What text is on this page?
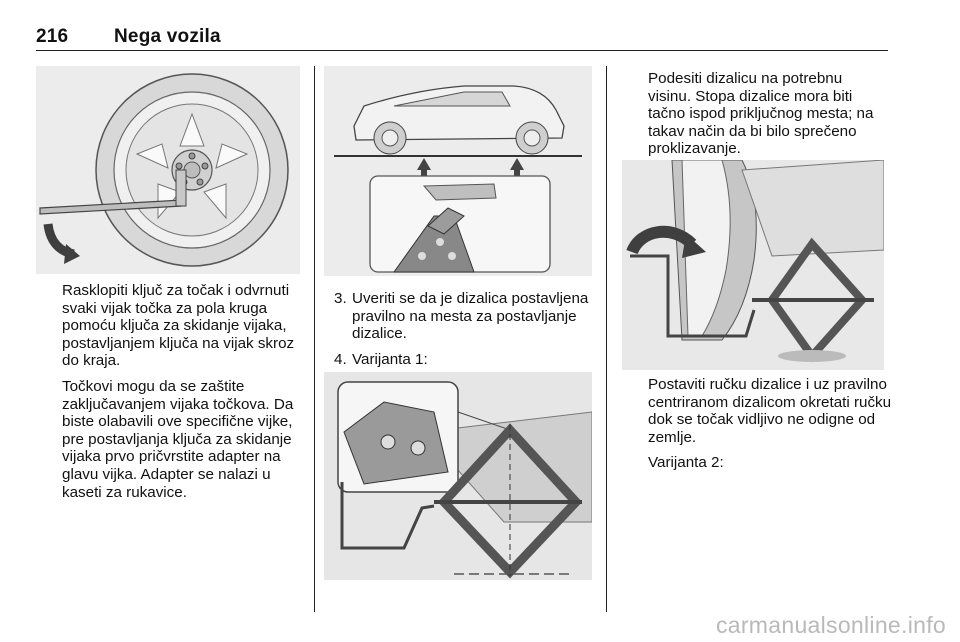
216 Nega vozila

Rasklopiti ključ za točak i odvrnuti svaki vijak točka za pola kruga pomoću ključa za skidanje vijaka, postavljanjem ključa na vijak skroz do kraja.

Točkovi mogu da se zaštite zaključavanjem vijaka točkova. Da biste olabavili ove specifične vijke, pre postavljanja ključa za skidanje vijaka prvo pričvrstite adapter na glavu vijka. Adapter se nalazi u kaseti za rukavice.

3. Uveriti se da je dizalica postavljena pravilno na mesta za postavljanje dizalice.
4. Varijanta 1:

Podesiti dizalicu na potrebnu visinu. Stopa dizalice mora biti tačno ispod priključnog mesta; na takav način da bi bilo sprečeno proklizavanje.

Postaviti ručku dizalice i uz pravilno centriranom dizalicom okretati ručku dok se točak vidljivo ne odigne od zemlje.

Varijanta 2:

carmanualsonline.info
